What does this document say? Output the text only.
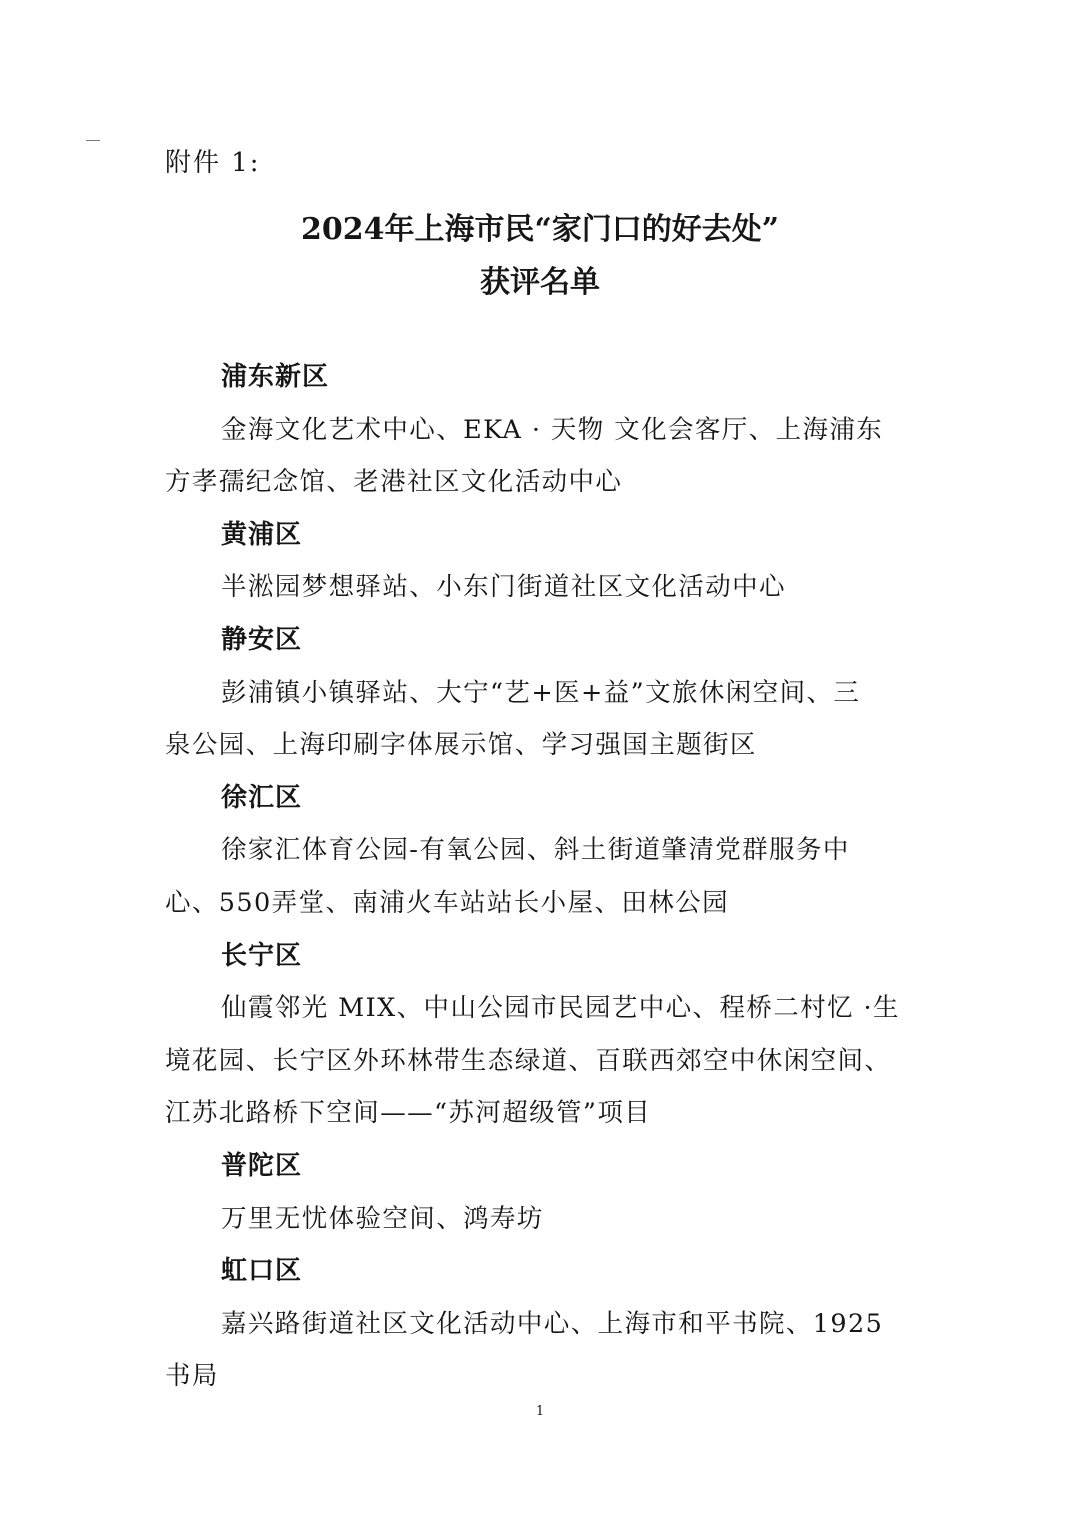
附件 1:
2024年上海市民“家门口的好去处”
获评名单
浦东新区
金海文化艺术中心、EKA · 天物 文化会客厅、上海浦东
方孝孺纪念馆、老港社区文化活动中心
黄浦区
半淞园梦想驿站、小东门街道社区文化活动中心
静安区
彭浦镇小镇驿站、大宁“艺+医+益”文旅休闲空间、三
泉公园、上海印刷字体展示馆、学习强国主题街区
徐汇区
徐家汇体育公园-有氧公园、斜土街道肇清党群服务中
心、550弄堂、南浦火车站站长小屋、田林公园
长宁区
仙霞邻光 MIX、中山公园市民园艺中心、程桥二村忆 ·生
境花园、长宁区外环林带生态绿道、百联西郊空中休闲空间、
江苏北路桥下空间——“苏河超级管”项目
普陀区
万里无忧体验空间、鸿寿坊
虹口区
嘉兴路街道社区文化活动中心、上海市和平书院、1925
书局
1
